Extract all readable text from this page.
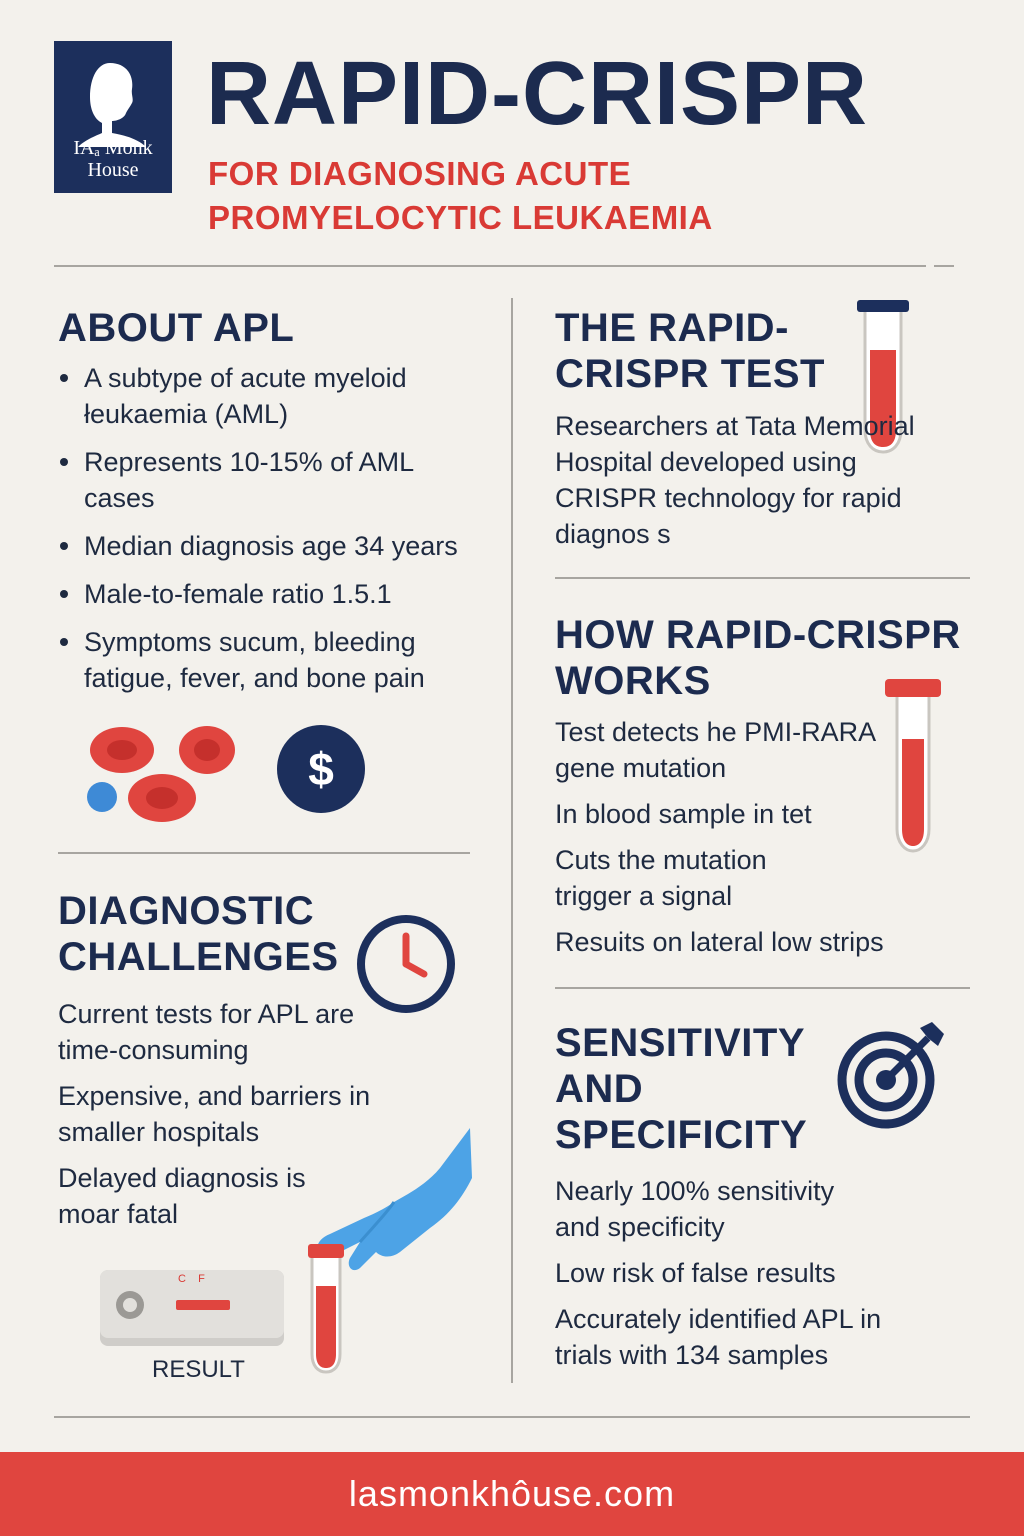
IAₐ Monk
House
RAPID-CRISPR
FOR DIAGNOSING ACUTE PROMYELOCYTIC LEUKAEMIA
ABOUT APL
A subtype of acute myeloid łeukaemia (AML)
Represents 10-15% of AML cases
Median diagnosis age 34 years
Male-to-female ratio 1.5.1
Symptoms sucum, bleeding fatigue, fever, and bone pain
$
DIAGNOSTIC
CHALLENGES

Current tests for APL are time-consuming

Expensive, and barriers in smaller hospitals

Delayed diagnosis is moar fatal

C    F
RESULT
THE RAPID-
CRISPR TEST
Researchers at Tata Memorial Hospital developed using CRISPR technology for rapid diagnos s
HOW RAPID-CRISPR
WORKS

Test detects he PMI-RARA gene mutation

In blood sample in tet

Cuts the mutation trigger a signal

Resuits on lateral low strips

SENSITIVITY
AND
SPECIFICITY

Nearly 100% sensitivity and specificity

Low risk of false results

Accurately identified APL in trials with 134 samples

lasmonkhôuse.com
